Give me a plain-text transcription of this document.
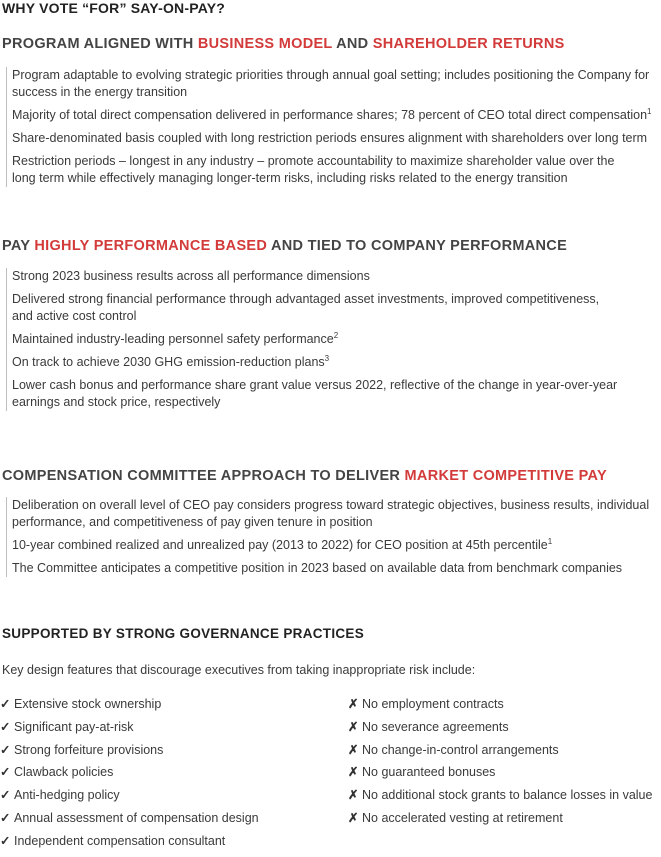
WHY VOTE “FOR” SAY-ON-PAY?
PROGRAM ALIGNED WITH BUSINESS MODEL AND SHAREHOLDER RETURNS
Program adaptable to evolving strategic priorities through annual goal setting; includes positioning the Company for success in the energy transition
Majority of total direct compensation delivered in performance shares; 78 percent of CEO total direct compensation$^1$
Share-denominated basis coupled with long restriction periods ensures alignment with shareholders over long term
Restriction periods – longest in any industry – promote accountability to maximize shareholder value over the long term while effectively managing longer-term risks, including risks related to the energy transition
PAY HIGHLY PERFORMANCE BASED AND TIED TO COMPANY PERFORMANCE
Strong 2023 business results across all performance dimensions
Delivered strong financial performance through advantaged asset investments, improved competitiveness, and active cost control
Maintained industry-leading personnel safety performance$^2$
On track to achieve 2030 GHG emission-reduction plans$^3$
Lower cash bonus and performance share grant value versus 2022, reflective of the change in year-over-year earnings and stock price, respectively
COMPENSATION COMMITTEE APPROACH TO DELIVER MARKET COMPETITIVE PAY
Deliberation on overall level of CEO pay considers progress toward strategic objectives, business results, individual performance, and competitiveness of pay given tenure in position
10-year combined realized and unrealized pay (2013 to 2022) for CEO position at 45th percentile$^1$
The Committee anticipates a competitive position in 2023 based on available data from benchmark companies
SUPPORTED BY STRONG GOVERNANCE PRACTICES
Key design features that discourage executives from taking inappropriate risk include:
✓ Extensive stock ownership
✓ Significant pay-at-risk
✓ Strong forfeiture provisions
✓ Clawback policies
✓ Anti-hedging policy
✓ Annual assessment of compensation design
✓ Independent compensation consultant
✗ No employment contracts
✗ No severance agreements
✗ No change-in-control arrangements
✗ No guaranteed bonuses
✗ No additional stock grants to balance losses in value
✗ No accelerated vesting at retirement
